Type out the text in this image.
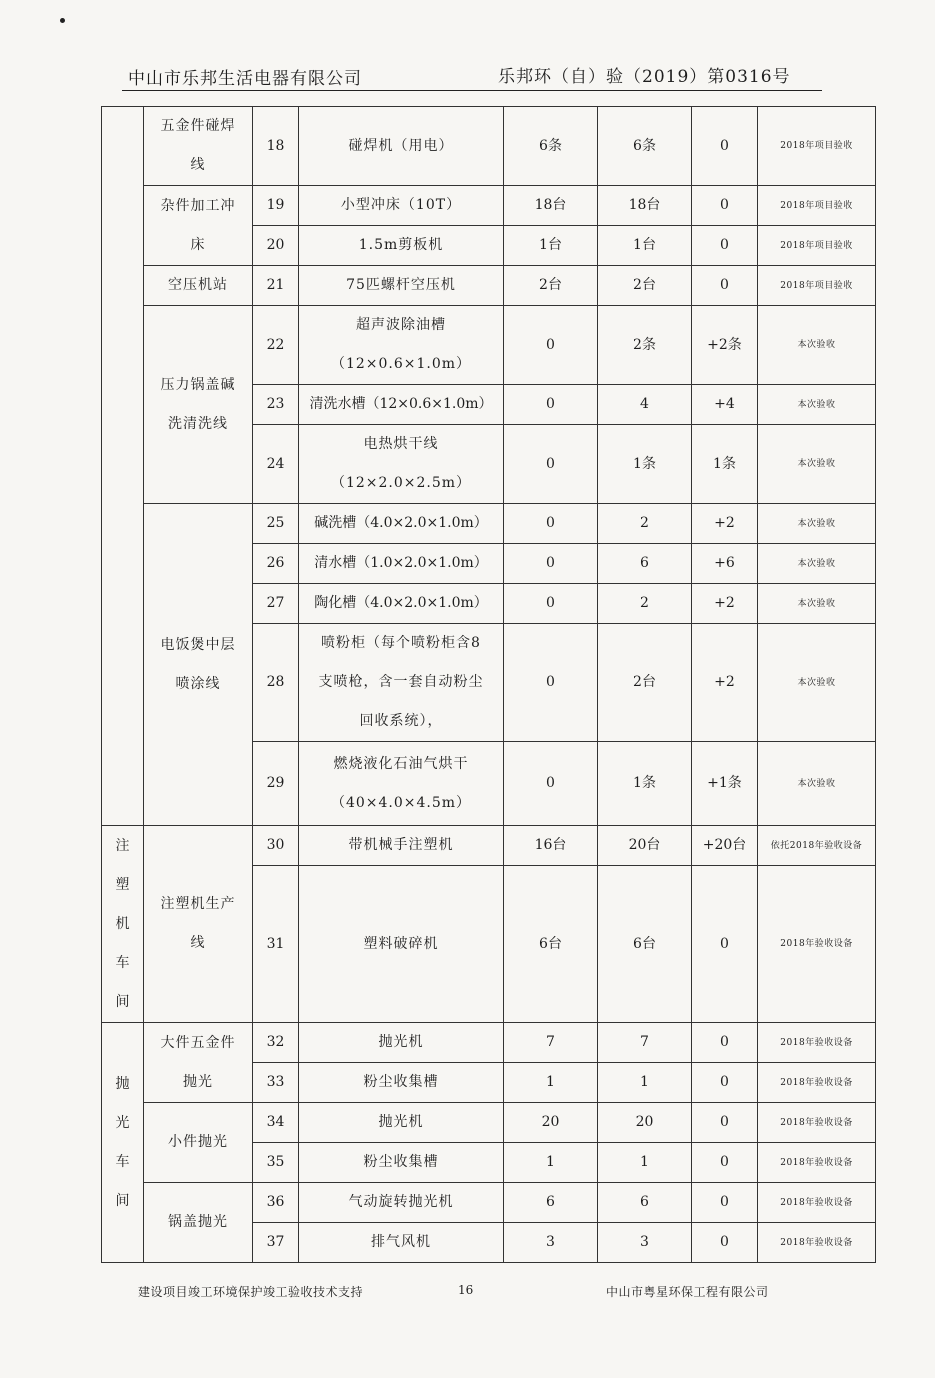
中山市乐邦生活电器有限公司	乐邦环（自）验（2019）第0316号
	五金件碰焊
线	18	碰焊机（用电）	6条	6条	0	2018年项目验收
	杂件加工冲
床	19	小型冲床（10T）	18台	18台	0	2018年项目验收
		20	1.5m剪板机	1台	1台	0	2018年项目验收
	空压机站	21	75匹螺杆空压机	2台	2台	0	2018年项目验收
	压力锅盖碱
洗清洗线	22	超声波除油槽
（12×0.6×1.0m）	0	2条	+2条	本次验收
		23	清洗水槽（12×0.6×1.0m）	0	4	+4	本次验收
		24	电热烘干线
（12×2.0×2.5m）	0	1条	1条	本次验收
	电饭煲中层
喷涂线	25	碱洗槽（4.0×2.0×1.0m）	0	2	+2	本次验收
		26	清水槽（1.0×2.0×1.0m）	0	6	+6	本次验收
		27	陶化槽（4.0×2.0×1.0m）	0	2	+2	本次验收
		28	喷粉柜（每个喷粉柜含8
支喷枪，含一套自动粉尘
回收系统），	0	2台	+2	本次验收
		29	燃烧液化石油气烘干
（40×4.0×4.5m）	0	1条	+1条	本次验收

注
塑
机
车
间	注塑机生产
线	30	带机械手注塑机	16台	20台	+20台	依托2018年验收设备
		31	塑料破碎机	6台	6台	0	2018年验收设备

抛
光
车
间	大件五金件
抛光	32	抛光机	7	7	0	2018年验收设备
		33	粉尘收集槽	1	1	0	2018年验收设备
	小件抛光	34	抛光机	20	20	0	2018年验收设备
		35	粉尘收集槽	1	1	0	2018年验收设备
	锅盖抛光	36	气动旋转抛光机	6	6	0	2018年验收设备
		37	排气风机	3	3	0	2018年验收设备
建设项目竣工环境保护竣工验收技术支持	16	中山市粤星环保工程有限公司
